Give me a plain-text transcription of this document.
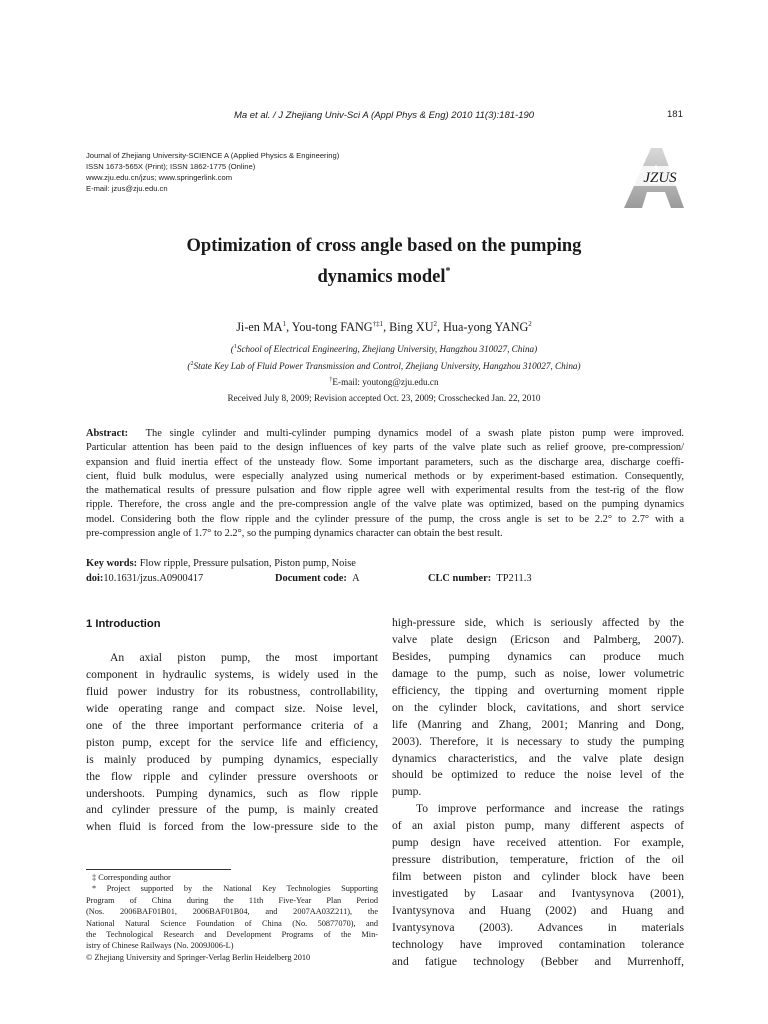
Ma et al. / J Zhejiang Univ-Sci A (Appl Phys & Eng) 2010 11(3):181-190	181
Journal of Zhejiang University-SCIENCE A (Applied Physics & Engineering)
ISSN 1673-565X (Print); ISSN 1862-1775 (Online)
www.zju.edu.cn/jzus; www.springerlink.com
E-mail: jzus@zju.edu.cn
JZUS
Optimization of cross angle based on the pumping
dynamics model*
Ji-en $MA^1$, You-tong FANG$^{\dagger\ddagger 1}$, Bing $XU^2$, Hua-yong YANG$^2$
($^1$School of Electrical Engineering, Zhejiang University, Hangzhou 310027, China)
($^2$State Key Lab of Fluid Power Transmission and Control, Zhejiang University, Hangzhou 310027, China)
†E-mail: youtong@zju.edu.cn
Received July 8, 2009; Revision accepted Oct. 23, 2009; Crosschecked Jan. 22, 2010
Abstract: The single cylinder and multi-cylinder pumping dynamics model of a swash plate piston pump were improved.
Particular attention has been paid to the design influences of key parts of the valve plate such as relief groove, pre-compression/
expansion and fluid inertia effect of the unsteady flow. Some important parameters, such as the discharge area, discharge coeffi-
cient, fluid bulk modulus, were especially analyzed using numerical methods or by experiment-based estimation. Consequently,
the mathematical results of pressure pulsation and flow ripple agree well with experimental results from the test-rig of the flow
ripple. Therefore, the cross angle and the pre-compression angle of the valve plate was optimized, based on the pumping dynamics
model. Considering both the flow ripple and the cylinder pressure of the pump, the cross angle is set to be 2.2° to 2.7° with a
pre-compression angle of 1.7° to 2.2°, so the pumping dynamics character can obtain the best result.
Key words: Flow ripple, Pressure pulsation, Piston pump, Noise
doi:10.1631/jzus.A0900417	Document code: A	CLC number: TP211.3
1 Introduction
An axial piston pump, the most important
component in hydraulic systems, is widely used in the
fluid power industry for its robustness, controllability,
wide operating range and compact size. Noise level,
one of the three important performance criteria of a
piston pump, except for the service life and efficiency,
is mainly produced by pumping dynamics, especially
the flow ripple and cylinder pressure overshoots or
undershoots. Pumping dynamics, such as flow ripple
and cylinder pressure of the pump, is mainly created
when fluid is forced from the low-pressure side to the
high-pressure side, which is seriously affected by the
valve plate design (Ericson and Palmberg, 2007).
Besides, pumping dynamics can produce much
damage to the pump, such as noise, lower volumetric
efficiency, the tipping and overturning moment ripple
on the cylinder block, cavitations, and short service
life (Manring and Zhang, 2001; Manring and Dong,
2003). Therefore, it is necessary to study the pumping
dynamics characteristics, and the valve plate design
should be optimized to reduce the noise level of the
pump.
To improve performance and increase the ratings
of an axial piston pump, many different aspects of
pump design have received attention. For example,
pressure distribution, temperature, friction of the oil
film between piston and cylinder block have been
investigated by Lasaar and Ivantysynova (2001),
Ivantysynova and Huang (2002) and Huang and
Ivantysynova (2003). Advances in materials
technology have improved contamination tolerance
and fatigue technology (Bebber and Murrenhoff,
‡ Corresponding author
* Project supported by the National Key Technologies Supporting
Program of China during the 11th Five-Year Plan Period
(Nos. 2006BAF01B01, 2006BAF01B04, and 2007AA03Z211), the
National Natural Science Foundation of China (No. 50877070), and
the Technological Research and Development Programs of the Min-
istry of Chinese Railways (No. 2009J006-L)
© Zhejiang University and Springer-Verlag Berlin Heidelberg 2010
